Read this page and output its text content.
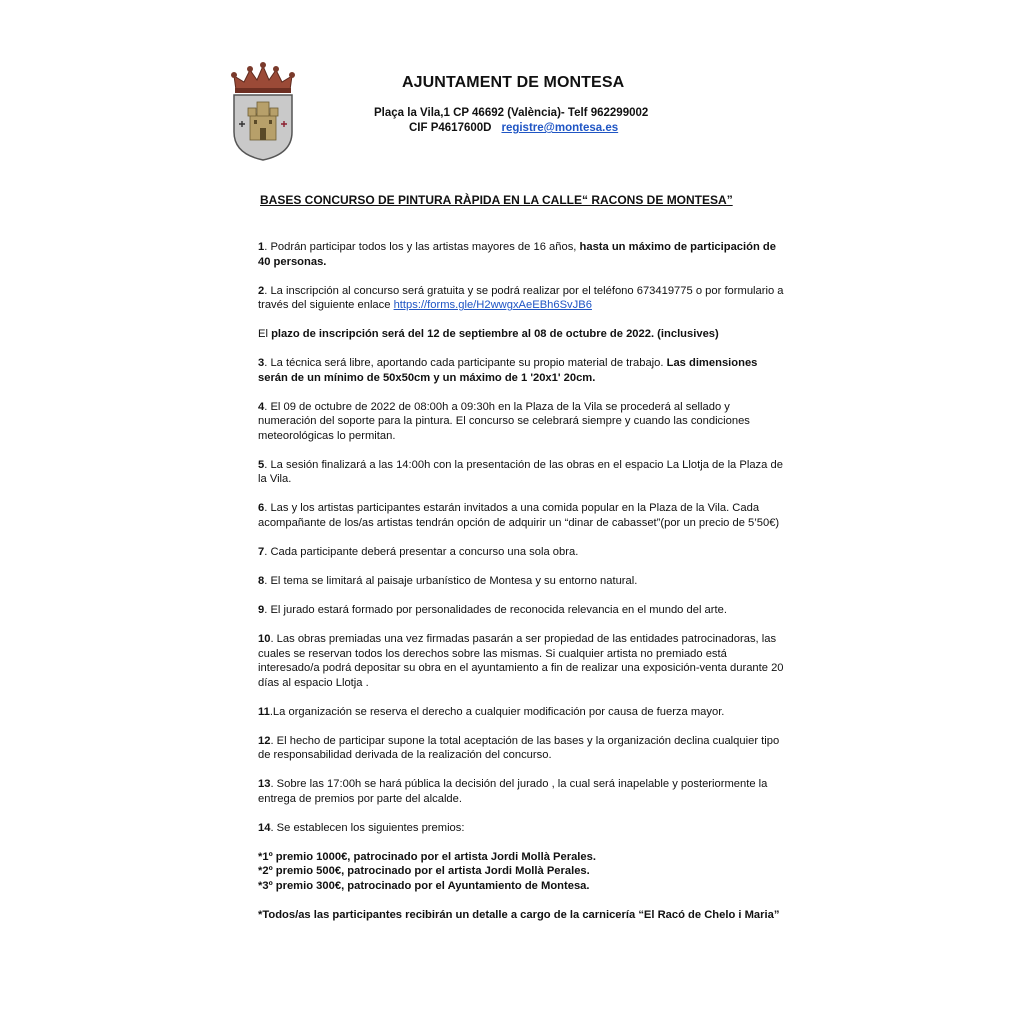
AJUNTAMENT DE MONTESA
Plaça la Vila,1 CP 46692 (València)- Telf 962299002
CIF P4617600D registre@montesa.es
BASES CONCURSO DE PINTURA RÀPIDA EN LA CALLE“ RACONS DE MONTESA”

1. Podrán participar todos los y las artistas mayores de 16 años, hasta un máximo de participación de 40 personas.

2. La inscripción al concurso será gratuita y se podrá realizar por el teléfono 673419775 o por formulario a través del siguiente enlace https://forms.gle/H2wwgxAeEBh6SvJB6

El plazo de inscripción será del 12 de septiembre al 08 de octubre de 2022. (inclusives)

3. La técnica será libre, aportando cada participante su propio material de trabajo. Las dimensiones serán de un mínimo de 50x50cm y un máximo de 1 '20x1' 20cm.

4. El 09 de octubre de 2022 de 08:00h a 09:30h en la Plaza de la Vila se procederá al sellado y numeración del soporte para la pintura. El concurso se celebrará siempre y cuando las condiciones meteorológicas lo permitan.

5. La sesión finalizará a las 14:00h con la presentación de las obras en el espacio La Llotja de la Plaza de la Vila.

6. Las y los artistas participantes estarán invitados a una comida popular en la Plaza de la Vila. Cada acompañante de los/as artistas tendrán opción de adquirir un “dinar de cabasset”(por un precio de 5’50€)

7. Cada participante deberá presentar a concurso una sola obra.

8. El tema se limitará al paisaje urbanístico de Montesa y su entorno natural.

9. El jurado estará formado por personalidades de reconocida relevancia en el mundo del arte.

10. Las obras premiadas una vez firmadas pasarán a ser propiedad de las entidades patrocinadoras, las cuales se reservan todos los derechos sobre las mismas. Si cualquier artista no premiado está interesado/a podrá depositar su obra en el ayuntamiento a fin de realizar una exposición-venta durante 20 días al espacio Llotja .

11.La organización se reserva el derecho a cualquier modificación por causa de fuerza mayor.

12. El hecho de participar supone la total aceptación de las bases y la organización declina cualquier tipo de responsabilidad derivada de la realización del concurso.

13. Sobre las 17:00h se hará pública la decisión del jurado , la cual será inapelable y posteriormente la entrega de premios por parte del alcalde.

14. Se establecen los siguientes premios:

*1º premio 1000€, patrocinado por el artista Jordi Mollà Perales.
*2º premio 500€, patrocinado por el artista Jordi Mollà Perales.
*3º premio 300€, patrocinado por el Ayuntamiento de Montesa.

*Todos/as las participantes recibirán un detalle a cargo de la carnicería “El Racó de Chelo i Maria”
